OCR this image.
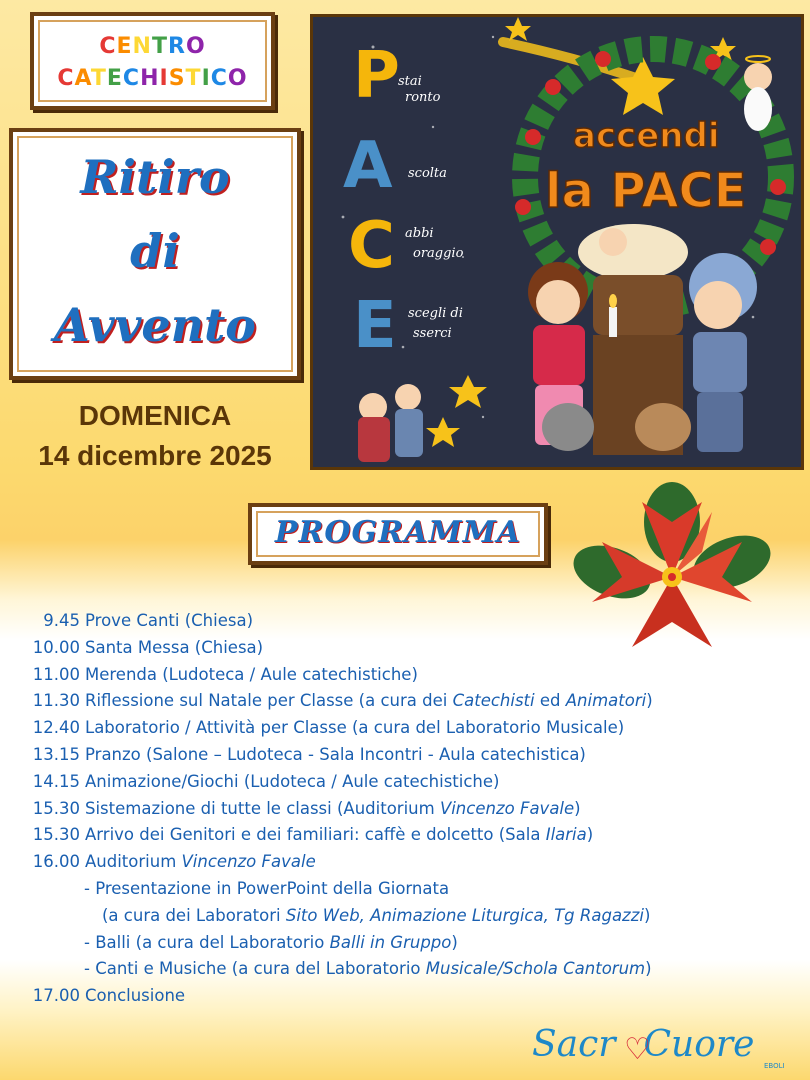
CENTRO
CATECHISTICO
Ritiro
di
Avvento
DOMENICA
14 dicembre 2025
P
A
C
E
stai
ronto
scolta
abbi
oraggio
scegli di
sserci
accendi
la PACE
PROGRAMMA
9.45 Prove Canti (Chiesa)
10.00 Santa Messa (Chiesa)
11.00 Merenda (Ludoteca / Aule catechistiche)
11.30 Riflessione sul Natale per Classe (a cura dei Catechisti ed Animatori)
12.40 Laboratorio / Attività per Classe (a cura del Laboratorio Musicale)
13.15 Pranzo (Salone – Ludoteca - Sala Incontri - Aula catechistica)
14.15 Animazione/Giochi (Ludoteca / Aule catechistiche)
15.30 Sistemazione di tutte le classi (Auditorium Vincenzo Favale)
15.30 Arrivo dei Genitori e dei familiari: caffè e dolcetto (Sala Ilaria)
16.00 Auditorium Vincenzo Favale
- Presentazione in PowerPoint della Giornata
(a cura dei Laboratori Sito Web, Animazione Liturgica, Tg Ragazzi)
- Balli (a cura del Laboratorio Balli in Gruppo)
- Canti e Musiche (a cura del Laboratorio Musicale/Schola Cantorum)
17.00 Conclusione
Sacr Cuore
♡	EBOLI
